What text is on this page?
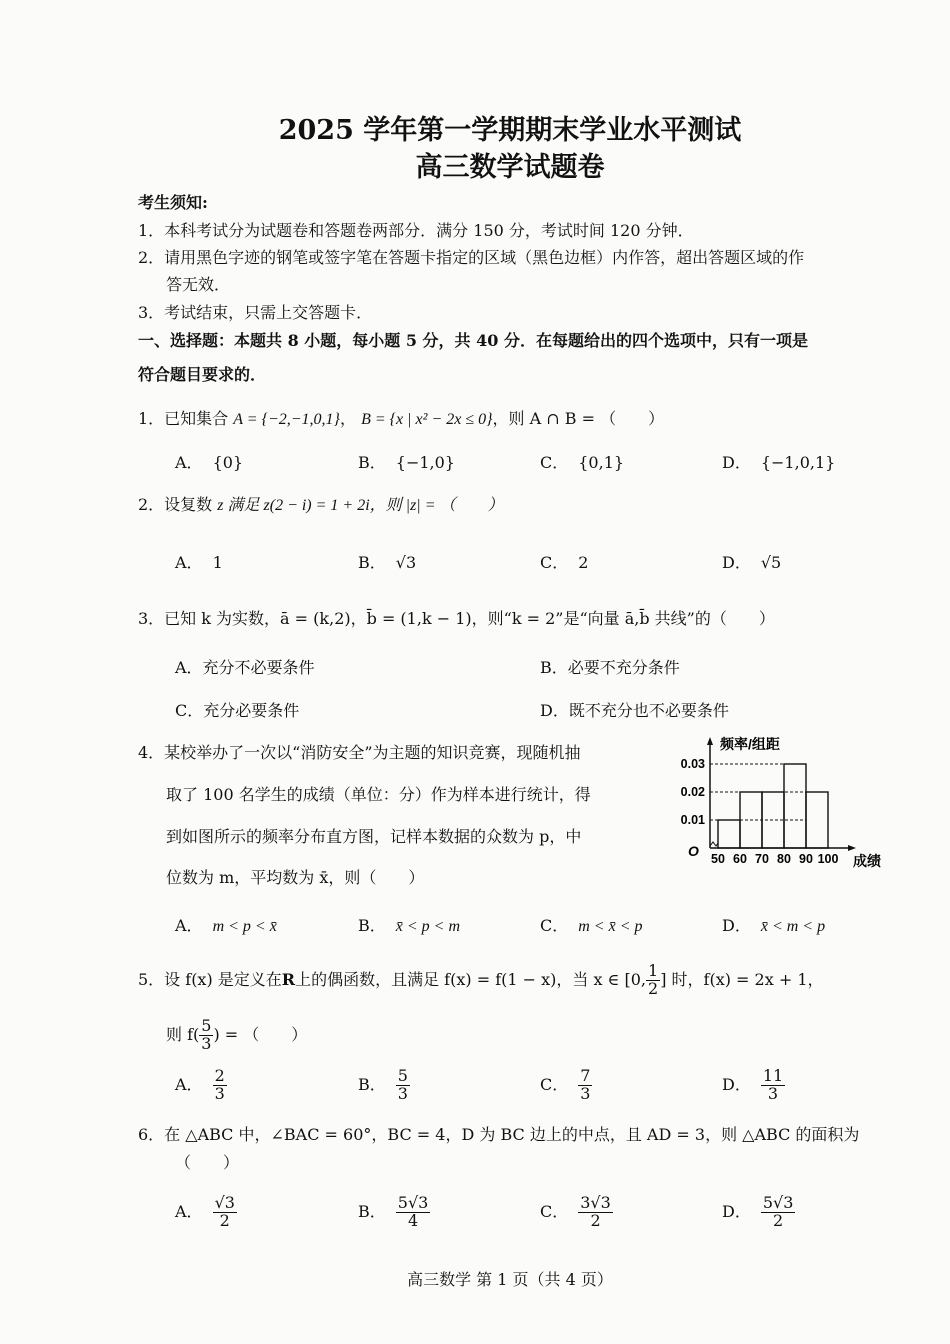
2025 学年第一学期期末学业水平测试
高三数学试题卷
考生须知:
1．本科考试分为试题卷和答题卷两部分．满分 150 分，考试时间 120 分钟．
2．请用黑色字迹的钢笔或签字笔在答题卡指定的区域（黑色边框）内作答，超出答题区域的作
答无效．
3．考试结束，只需上交答题卡．
一、选择题：本题共 8 小题，每小题 5 分，共 40 分．在每题给出的四个选项中，只有一项是
符合题目要求的．
1．已知集合 A = {−2,−1,0,1}， B = {x | x² − 2x ≤ 0}，则 A ∩ B = （　　）
A． {0}	B． {−1,0}	C． {0,1}	D． {−1,0,1}
2．设复数 z 满足 z(2 − i) = 1 + 2i，则 |z| = （　　）
A． 1	B． √3	C． 2	D． √5
3．已知 k 为实数，ā = (k,2)，b̄ = (1,k − 1)，则“k = 2”是“向量 ā,b̄ 共线”的（　　）
A．充分不必要条件	B．必要不充分条件
C．充分必要条件	D．既不充分也不必要条件
4．某校举办了一次以“消防安全”为主题的知识竞赛，现随机抽
取了 100 名学生的成绩（单位：分）作为样本进行统计，得
到如图所示的频率分布直方图，记样本数据的众数为 p，中
位数为 m，平均数为 x̄，则（　　）
0.01
0.02
0.03
50 60 70 80 90 100
O
频率/组距
成绩
A． m < p < x̄	B． x̄ < p < m	C． m < x̄ < p	D． x̄ < m < p
5．设 f(x) 是定义在R上的偶函数，且满足 f(x) = f(1 − x)，当 x ∈ [0, $\frac{1}{2}$ ] 时，f(x) = 2x + 1，
则 $f( \frac{5}{3}$ ) = （　　）
A． $\frac{2}{3}$	B． $\frac{5}{3}$	C． $\frac{7}{3}$	D． $\frac{11}{3}$
6．在 △ABC 中，∠BAC = 60°，BC = 4，D 为 BC 边上的中点，且 AD = 3，则 △ABC 的面积为
（　　）
A． $\frac{√3}{2}$	B． $\frac{5√3}{4}$	C． $\frac{3√3}{2}$	D． $\frac{5√3}{2}$
高三数学 第 1 页（共 4 页）
